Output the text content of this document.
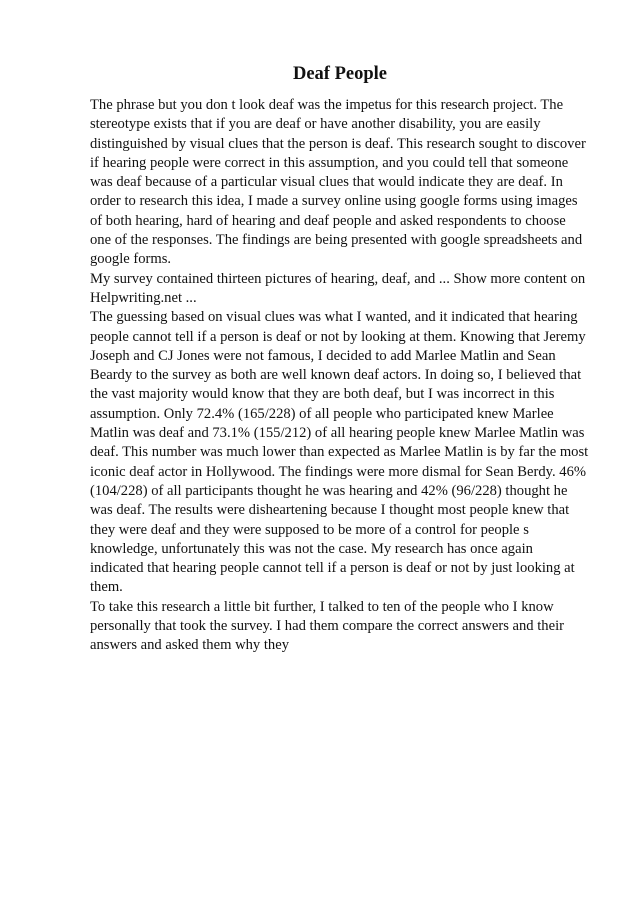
Deaf People

The phrase but you don t look deaf was the impetus for this research project. The stereotype exists that if you are deaf or have another disability, you are easily distinguished by visual clues that the person is deaf. This research sought to discover if hearing people were correct in this assumption, and you could tell that someone was deaf because of a particular visual clues that would indicate they are deaf. In order to research this idea, I made a survey online using google forms using images of both hearing, hard of hearing and deaf people and asked respondents to choose one of the responses. The findings are being presented with google spreadsheets and google forms.

My survey contained thirteen pictures of hearing, deaf, and ... Show more content on Helpwriting.net ...

The guessing based on visual clues was what I wanted, and it indicated that hearing people cannot tell if a person is deaf or not by looking at them. Knowing that Jeremy Joseph and CJ Jones were not famous, I decided to add Marlee Matlin and Sean Beardy to the survey as both are well known deaf actors. In doing so, I believed that the vast majority would know that they are both deaf, but I was incorrect in this assumption. Only 72.4% (165/228) of all people who participated knew Marlee Matlin was deaf and 73.1% (155/212) of all hearing people knew Marlee Matlin was deaf. This number was much lower than expected as Marlee Matlin is by far the most iconic deaf actor in Hollywood. The findings were more dismal for Sean Berdy. 46% (104/228) of all participants thought he was hearing and 42% (96/228) thought he was deaf. The results were disheartening because I thought most people knew that they were deaf and they were supposed to be more of a control for people s knowledge, unfortunately this was not the case. My research has once again indicated that hearing people cannot tell if a person is deaf or not by just looking at them.

To take this research a little bit further, I talked to ten of the people who I know personally that took the survey. I had them compare the correct answers and their answers and asked them why they
